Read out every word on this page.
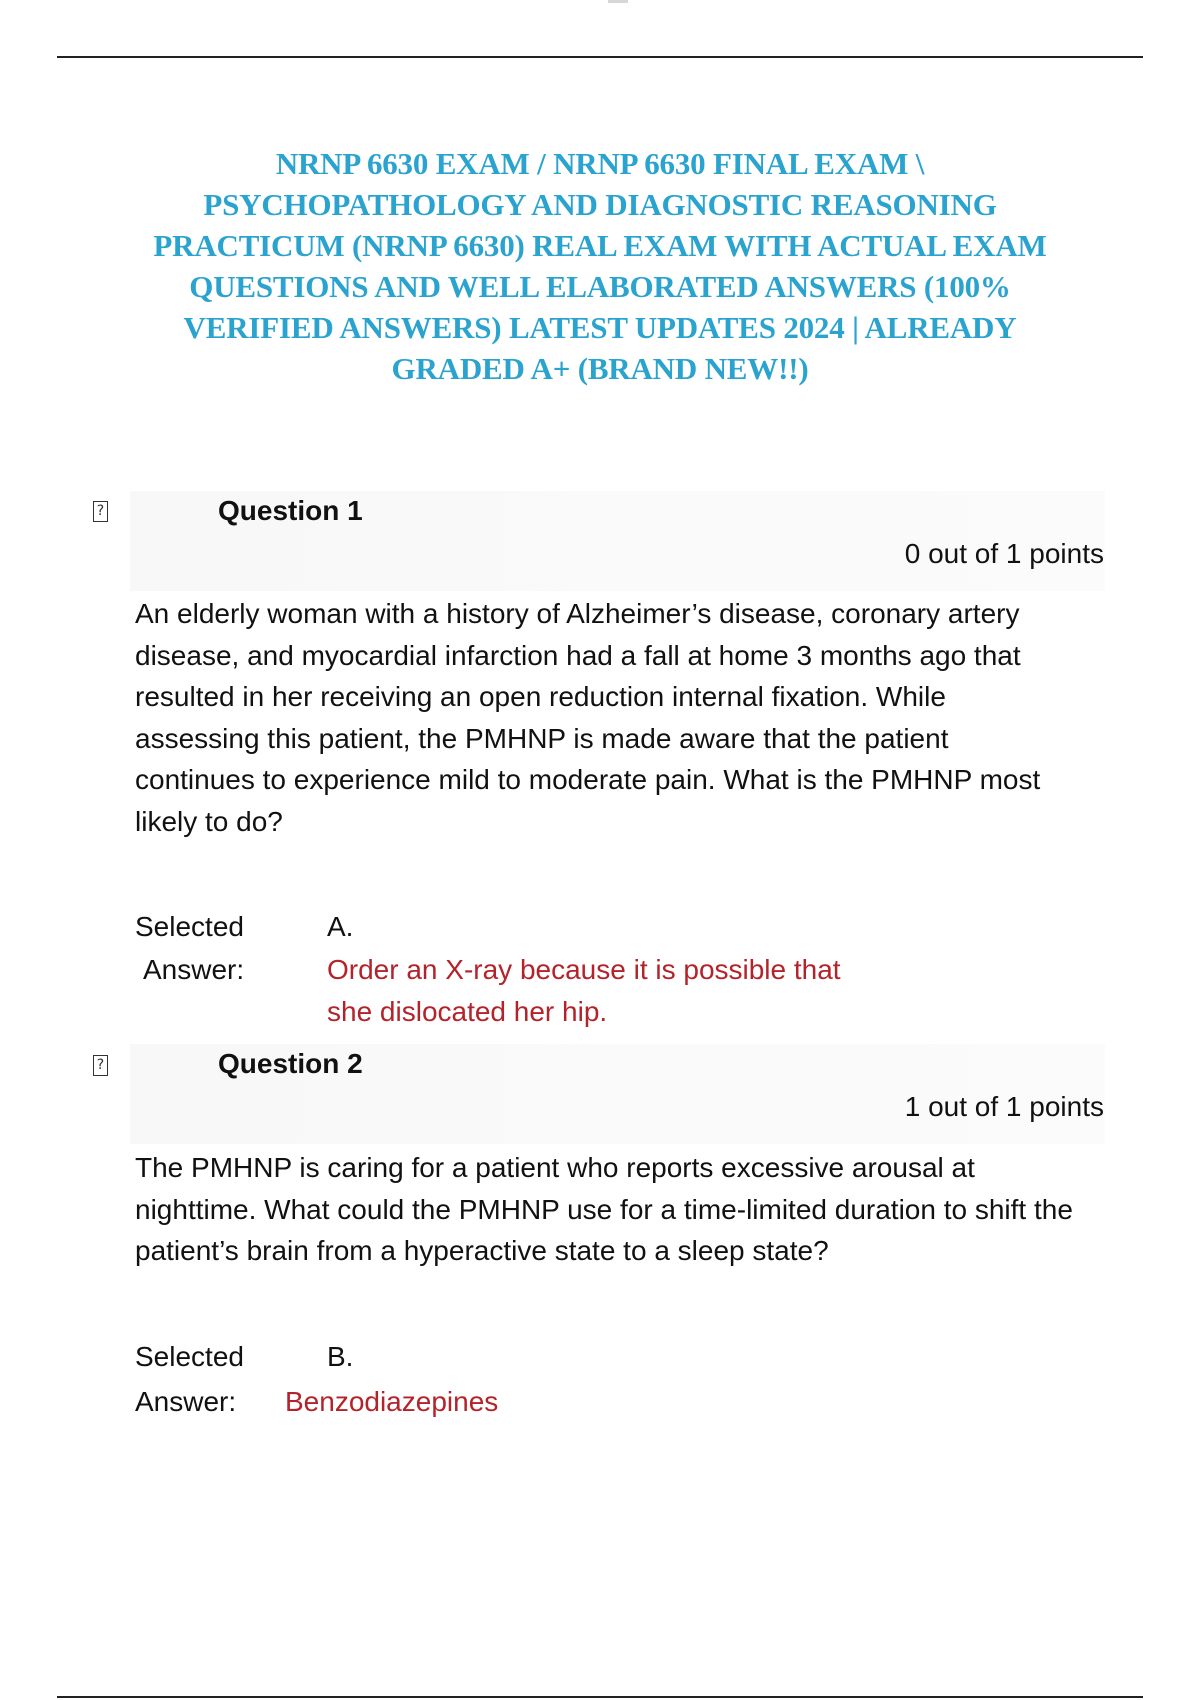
NRNP 6630 EXAM / NRNP 6630 FINAL EXAM \ PSYCHOPATHOLOGY AND DIAGNOSTIC REASONING PRACTICUM (NRNP 6630) REAL EXAM WITH ACTUAL EXAM QUESTIONS AND WELL ELABORATED ANSWERS (100% VERIFIED ANSWERS) LATEST UPDATES 2024 | ALREADY GRADED A+ (BRAND NEW!!)
?	Question 1
0 out of 1 points

An elderly woman with a history of Alzheimer’s disease, coronary artery disease, and myocardial infarction had a fall at home 3 months ago that resulted in her receiving an open reduction internal fixation. While assessing this patient, the PMHNP is made aware that the patient continues to experience mild to moderate pain. What is the PMHNP most likely to do?

Selected
Answer:
A.
Order an X-ray because it is possible that she dislocated her hip.
?	Question 2
1 out of 1 points

The PMHNP is caring for a patient who reports excessive arousal at nighttime. What could the PMHNP use for a time-limited duration to shift the patient’s brain from a hyperactive state to a sleep state?

Selected
Answer:
B.
Benzodiazepines
